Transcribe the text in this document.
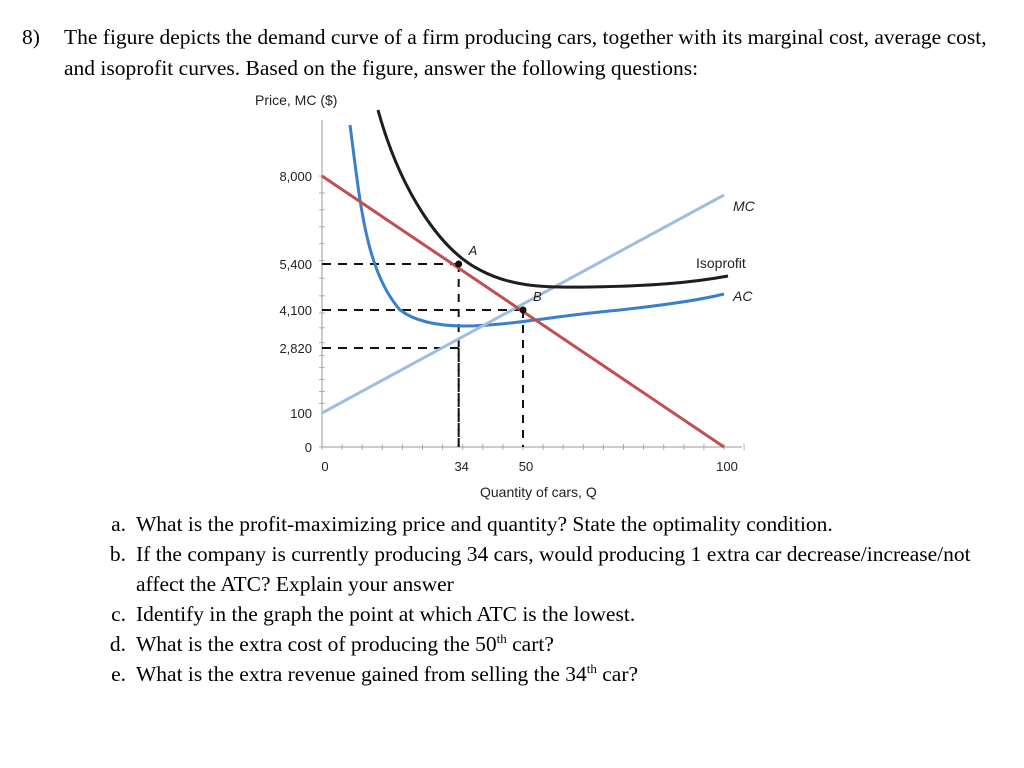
8) The figure depicts the demand curve of a firm producing cars, together with its marginal cost, average cost, and isoprofit curves. Based on the figure, answer the following questions:
0
100
2,820
4,100
5,400
8,000
0	34	50	100
A
B
Price, MC ($)
Quantity of cars, Q
MC
Isoprofit
AC
a. What is the profit-maximizing price and quantity? State the optimality condition.
b. If the company is currently producing 34 cars, would producing 1 extra car decrease/increase/not affect the ATC? Explain your answer
c. Identify in the graph the point at which ATC is the lowest.
d. What is the extra cost of producing the 50th cart?
e. What is the extra revenue gained from selling the 34th car?
